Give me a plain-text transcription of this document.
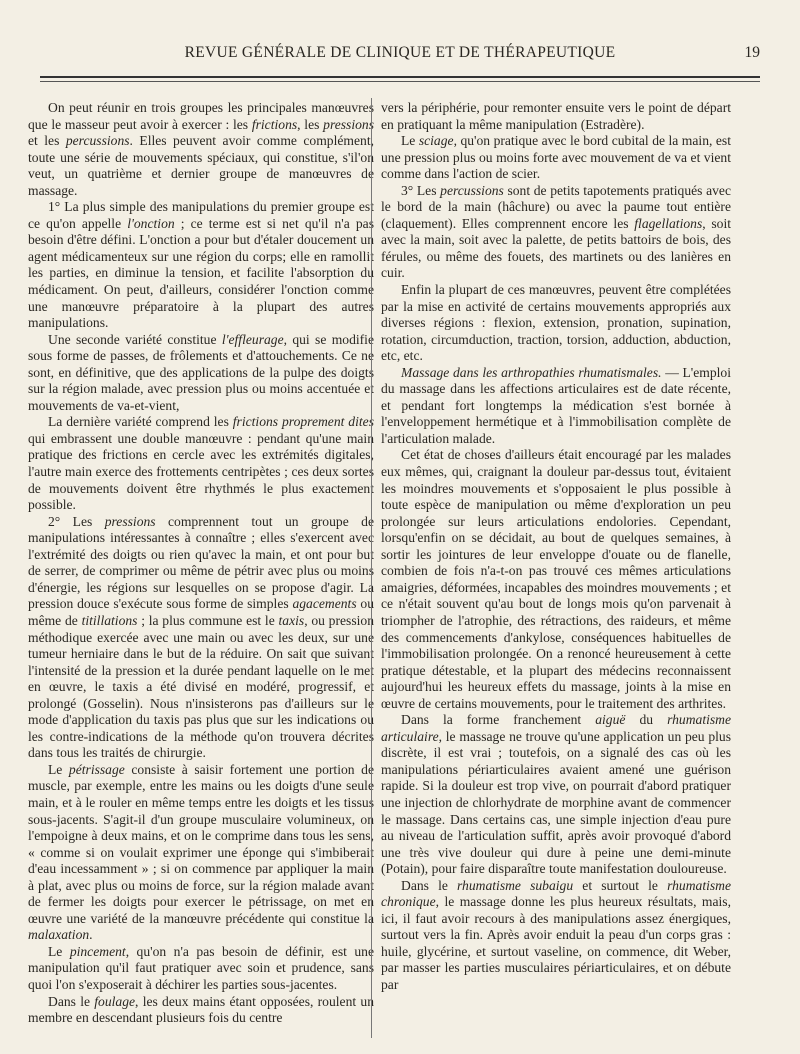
REVUE GÉNÉRALE DE CLINIQUE ET DE THÉRAPEUTIQUE	19

On peut réunir en trois groupes les principales manœuvres que le masseur peut avoir à exercer : les frictions, les pressions et les percussions. Elles peuvent avoir comme complément, toute une série de mouvements spéciaux, qui constitue, s'il'on veut, un quatrième et dernier groupe de manœuvres de massage.

1° La plus simple des manipulations du premier groupe est ce qu'on appelle l'onction ; ce terme est si net qu'il n'a pas besoin d'être défini. L'onction a pour but d'étaler doucement un agent médicamenteux sur une région du corps; elle en ramollit les parties, en diminue la tension, et facilite l'absorption du médicament. On peut, d'ailleurs, considérer l'onction comme une manœuvre préparatoire à la plupart des autres manipulations.

Une seconde variété constitue l'effleurage, qui se modifie sous forme de passes, de frôlements et d'attouchements. Ce ne sont, en définitive, que des applications de la pulpe des doigts sur la région malade, avec pression plus ou moins accentuée et mouvements de va-et-vient,

La dernière variété comprend les frictions proprement dites qui embrassent une double manœuvre : pendant qu'une main pratique des frictions en cercle avec les extrémités digitales, l'autre main exerce des frottements centripètes ; ces deux sortes de mouvements doivent être rhythmés le plus exactement possible.

2° Les pressions comprennent tout un groupe de manipulations intéressantes à connaître ; elles s'exercent avec l'extrémité des doigts ou rien qu'avec la main, et ont pour but de serrer, de comprimer ou même de pétrir avec plus ou moins d'énergie, les régions sur lesquelles on se propose d'agir. La pression douce s'exécute sous forme de simples agacements ou même de titillations ; la plus commune est le taxis, ou pression méthodique exercée avec une main ou avec les deux, sur une tumeur herniaire dans le but de la réduire. On sait que suivant l'intensité de la pression et la durée pendant laquelle on le met en œuvre, le taxis a été divisé en modéré, progressif, et prolongé (Gosselin). Nous n'insisterons pas d'ailleurs sur le mode d'application du taxis pas plus que sur les indications ou les contre-indications de la méthode qu'on trouvera décrites dans tous les traités de chirurgie.

Le pétrissage consiste à saisir fortement une portion de muscle, par exemple, entre les mains ou les doigts d'une seule main, et à le rouler en même temps entre les doigts et les tissus sous-jacents. S'agit-il d'un groupe musculaire volumineux, on l'empoigne à deux mains, et on le comprime dans tous les sens, « comme si on voulait exprimer une éponge qui s'imbiberait d'eau incessamment » ; si on commence par appliquer la main à plat, avec plus ou moins de force, sur la région malade avant de fermer les doigts pour exercer le pétrissage, on met en œuvre une variété de la manœuvre précédente qui constitue la malaxation.

Le pincement, qu'on n'a pas besoin de définir, est une manipulation qu'il faut pratiquer avec soin et prudence, sans quoi l'on s'exposerait à déchirer les parties sous-jacentes.

Dans le foulage, les deux mains étant opposées, roulent un membre en descendant plusieurs fois du centre

vers la périphérie, pour remonter ensuite vers le point de départ en pratiquant la même manipulation (Estradère).

Le sciage, qu'on pratique avec le bord cubital de la main, est une pression plus ou moins forte avec mouvement de va et vient comme dans l'action de scier.

3° Les percussions sont de petits tapotements pratiqués avec le bord de la main (hâchure) ou avec la paume tout entière (claquement). Elles comprennent encore les flagellations, soit avec la main, soit avec la palette, de petits battoirs de bois, des férules, ou même des fouets, des martinets ou des lanières en cuir.

Enfin la plupart de ces manœuvres, peuvent être complétées par la mise en activité de certains mouvements appropriés aux diverses régions : flexion, extension, pronation, supination, rotation, circumduction, traction, torsion, adduction, abduction, etc, etc.

Massage dans les arthropathies rhumatismales. — L'emploi du massage dans les affections articulaires est de date récente, et pendant fort longtemps la médication s'est bornée à l'enveloppement hermétique et à l'immobilisation complète de l'articulation malade.

Cet état de choses d'ailleurs était encouragé par les malades eux mêmes, qui, craignant la douleur par-dessus tout, évitaient les moindres mouvements et s'opposaient le plus possible à toute espèce de manipulation ou même d'exploration un peu prolongée sur leurs articulations endolories. Cependant, lorsqu'enfin on se décidait, au bout de quelques semaines, à sortir les jointures de leur enveloppe d'ouate ou de flanelle, combien de fois n'a-t-on pas trouvé ces mêmes articulations amaigries, déformées, incapables des moindres mouvements ; et ce n'était souvent qu'au bout de longs mois qu'on parvenait à triompher de l'atrophie, des rétractions, des raideurs, et même des commencements d'ankylose, conséquences habituelles de l'immobilisation prolongée. On a renoncé heureusement à cette pratique détestable, et la plupart des médecins reconnaissent aujourd'hui les heureux effets du massage, joints à la mise en œuvre de certains mouvements, pour le traitement des arthrites.

Dans la forme franchement aiguë du rhumatisme articulaire, le massage ne trouve qu'une application un peu plus discrète, il est vrai ; toutefois, on a signalé des cas où les manipulations périarticulaires avaient amené une guérison rapide. Si la douleur est trop vive, on pourrait d'abord pratiquer une injection de chlorhydrate de morphine avant de commencer le massage. Dans certains cas, une simple injection d'eau pure au niveau de l'articulation suffit, après avoir provoqué d'abord une très vive douleur qui dure à peine une demi-minute (Potain), pour faire disparaître toute manifestation douloureuse.

Dans le rhumatisme subaigu et surtout le rhumatisme chronique, le massage donne les plus heureux résultats, mais, ici, il faut avoir recours à des manipulations assez énergiques, surtout vers la fin. Après avoir enduit la peau d'un corps gras : huile, glycérine, et surtout vaseline, on commence, dit Weber, par masser les parties musculaires périarticulaires, et on débute par
